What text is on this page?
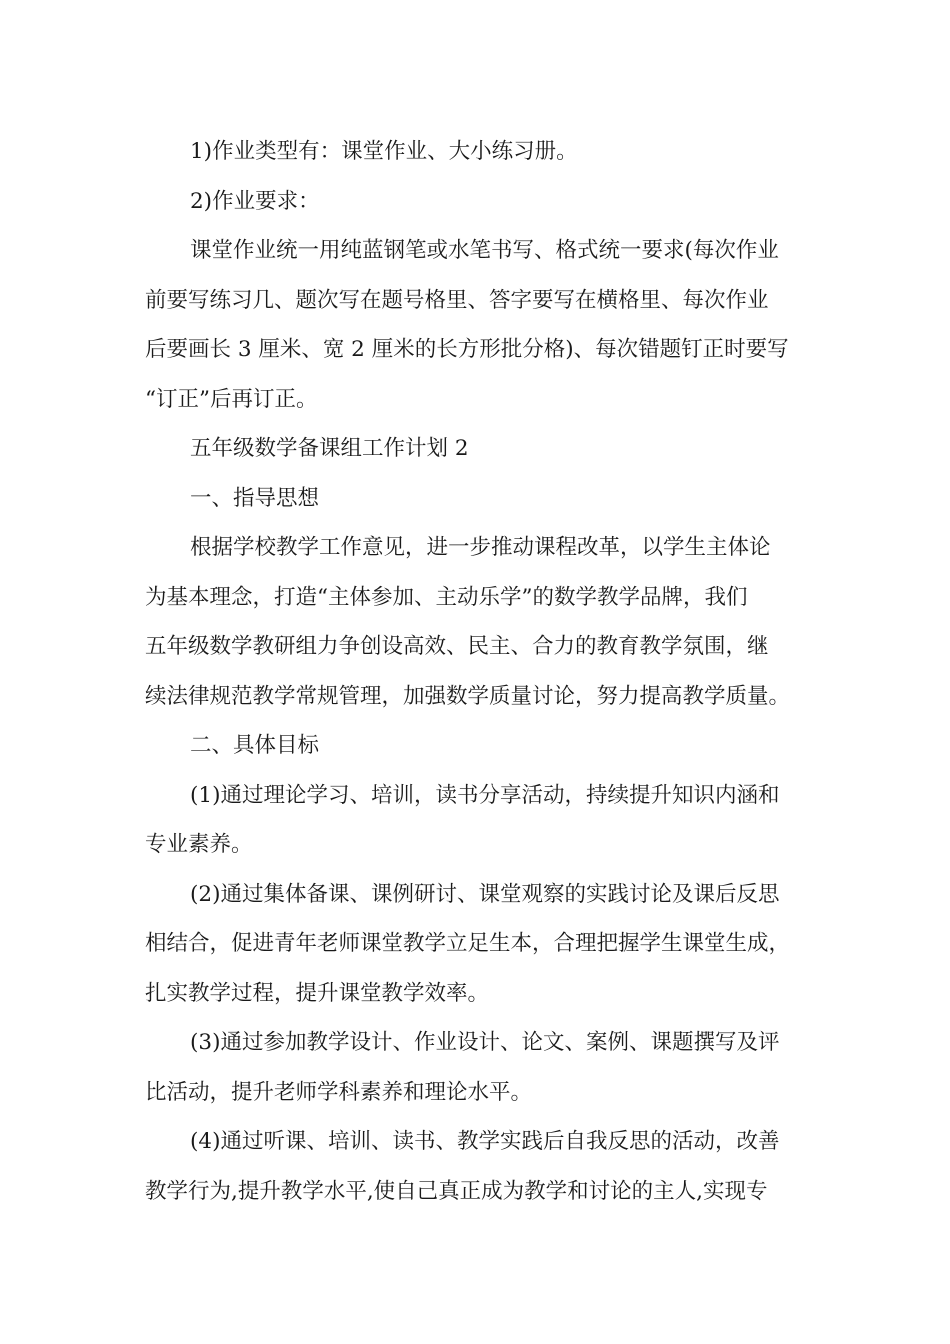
1)作业类型有：课堂作业、大小练习册。
2)作业要求：
课堂作业统一用纯蓝钢笔或水笔书写、格式统一要求(每次作业
前要写练习几、题次写在题号格里、答字要写在横格里、每次作业
后要画长 3 厘米、宽 2 厘米的长方形批分格)、每次错题钉正时要写
“订正”后再订正。
五年级数学备课组工作计划 2
一、指导思想
根据学校教学工作意见，进一步推动课程改革，以学生主体论
为基本理念，打造“主体参加、主动乐学”的数学教学品牌，我们
五年级数学教研组力争创设高效、民主、合力的教育教学氛围，继
续法律规范教学常规管理，加强数学质量讨论，努力提高教学质量。
二、具体目标
(1)通过理论学习、培训，读书分享活动，持续提升知识内涵和
专业素养。
(2)通过集体备课、课例研讨、课堂观察的实践讨论及课后反思
相结合，促进青年老师课堂教学立足生本，合理把握学生课堂生成，
扎实教学过程，提升课堂教学效率。
(3)通过参加教学设计、作业设计、论文、案例、课题撰写及评
比活动，提升老师学科素养和理论水平。
(4)通过听课、培训、读书、教学实践后自我反思的活动，改善
教学行为,提升教学水平,使自己真正成为教学和讨论的主人,实现专
